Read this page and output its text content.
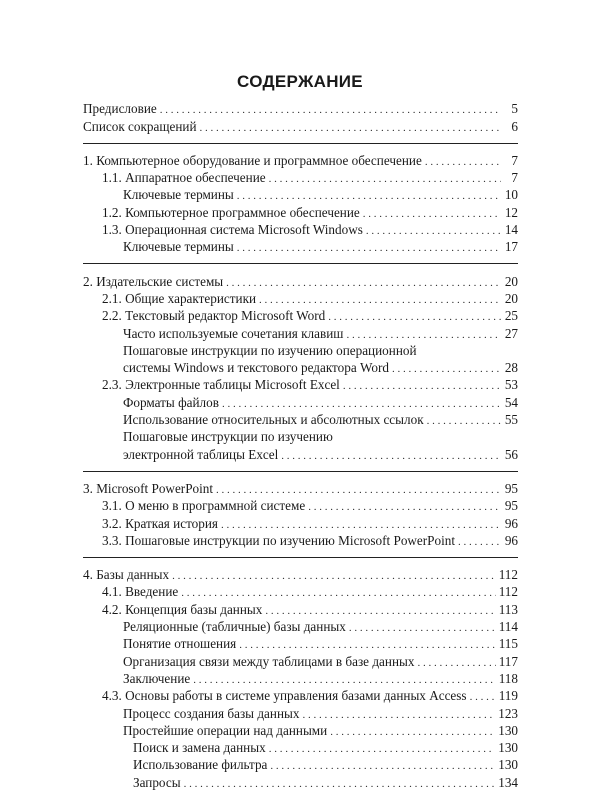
СОДЕРЖАНИЕ
Предисловие . . .	5
Список сокращений . . .	6
1. Компьютерное оборудование и программное обеспечение . . .	7
1.1. Аппаратное обеспечение . . .	7
Ключевые термины . . .	10
1.2. Компьютерное программное обеспечение . . .	12
1.3. Операционная система Microsoft Windows . . .	14
Ключевые термины . . .	17
2. Издательские системы . . .	20
2.1. Общие характеристики . . .	20
2.2. Текстовый редактор Microsoft Word . . .	25
Часто используемые сочетания клавиш . . .	27
Пошаговые инструкции по изучению операционной
системы Windows и текстового редактора Word . . .	28
2.3. Электронные таблицы Microsoft Excel . . .	53
Форматы файлов . . .	54
Использование относительных и абсолютных ссылок . . .	55
Пошаговые инструкции по изучению
электронной таблицы Excel . . .	56
3. Microsoft PowerPoint . . .	95
3.1. О меню в программной системе . . .	95
3.2. Краткая история . . .	96
3.3. Пошаговые инструкции по изучению Microsoft PowerPoint . . .	96
4. Базы данных . . .	112
4.1. Введение . . .	112
4.2. Концепция базы данных . . .	113
Реляционные (табличные) базы данных . . .	114
Понятие отношения . . .	115
Организация связи между таблицами в базе данных . . .	117
Заключение . . .	118
4.3. Основы работы в системе управления базами данных Access . . . 119
Процесс создания базы данных . . .	123
Простейшие операции над данными . . .	130
Поиск и замена данных . . .	130
Использование фильтра . . .	130
Запросы . . .	134
